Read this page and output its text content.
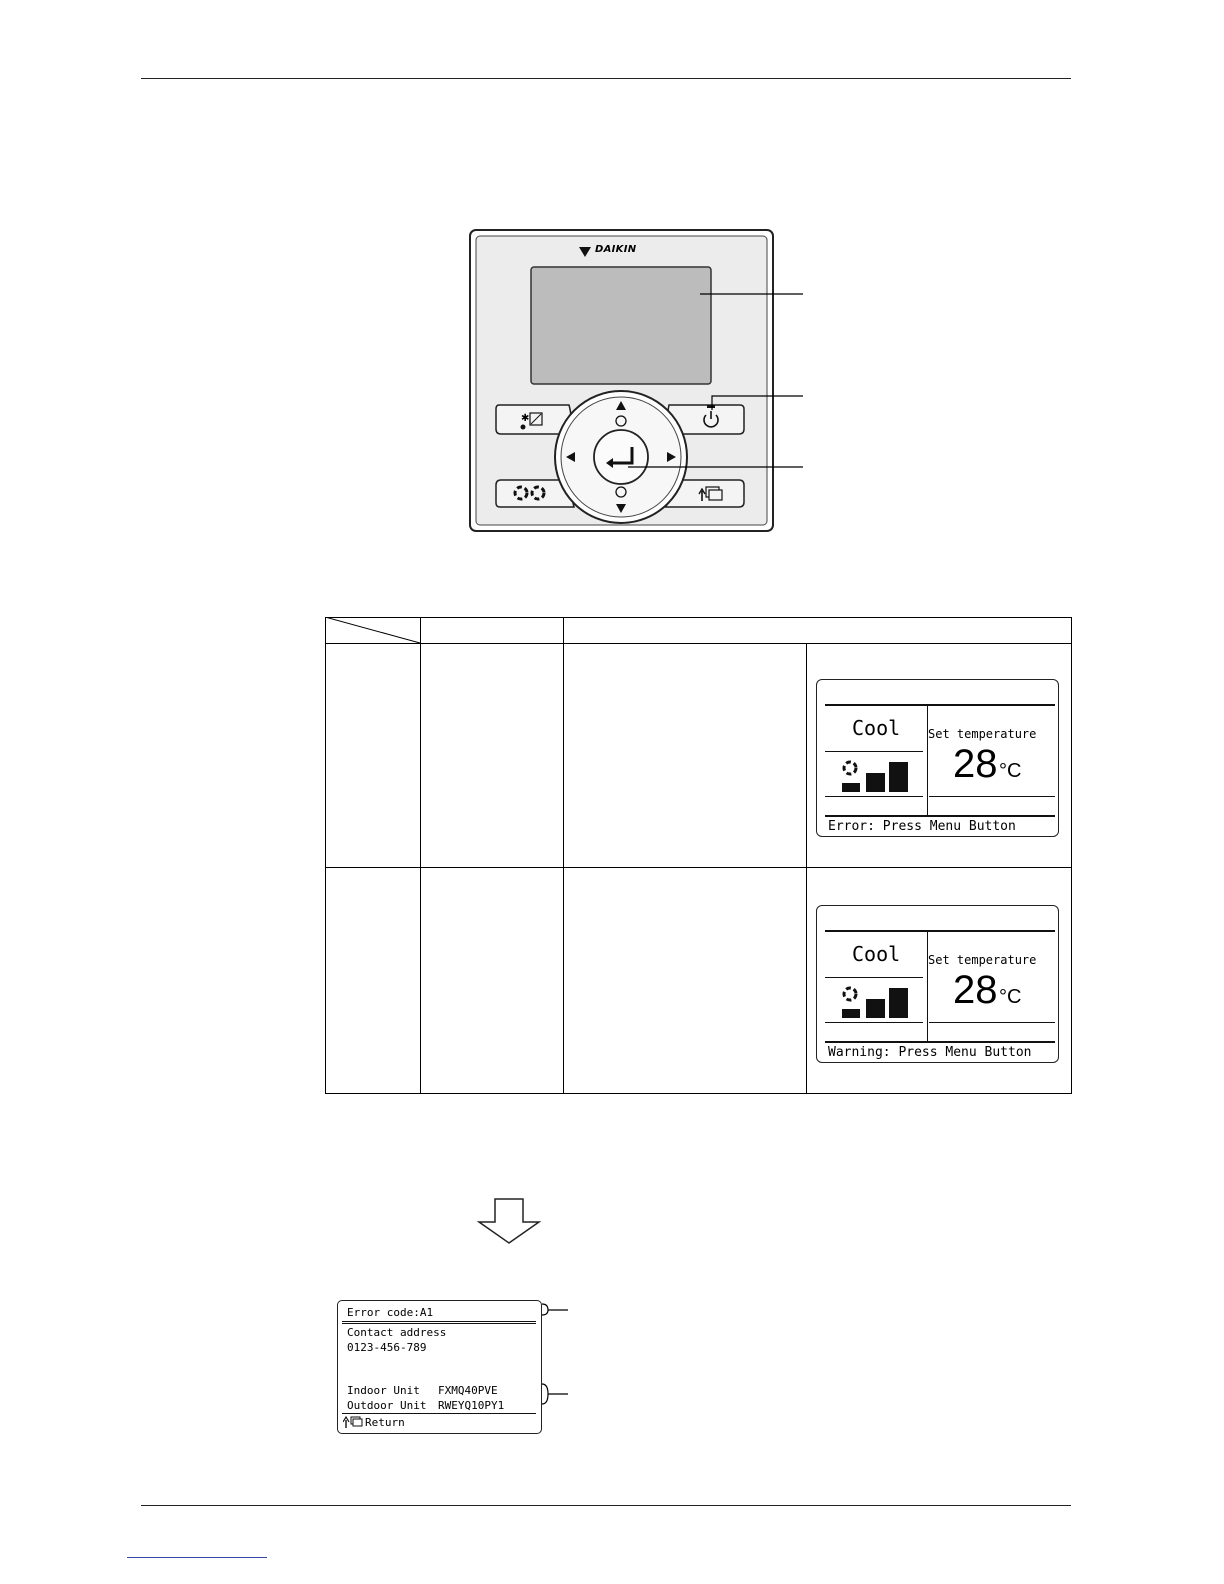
✱
DAIKIN
Cool Set temperature
28 °C
Error: Press Menu Button
Cool Set temperature
28 °C
Warning: Press Menu Button
Error code:A1
Contact address
0123-456-789
Indoor Unit FXMQ40PVE
Outdoor Unit RWEYQ10PY1
Return
